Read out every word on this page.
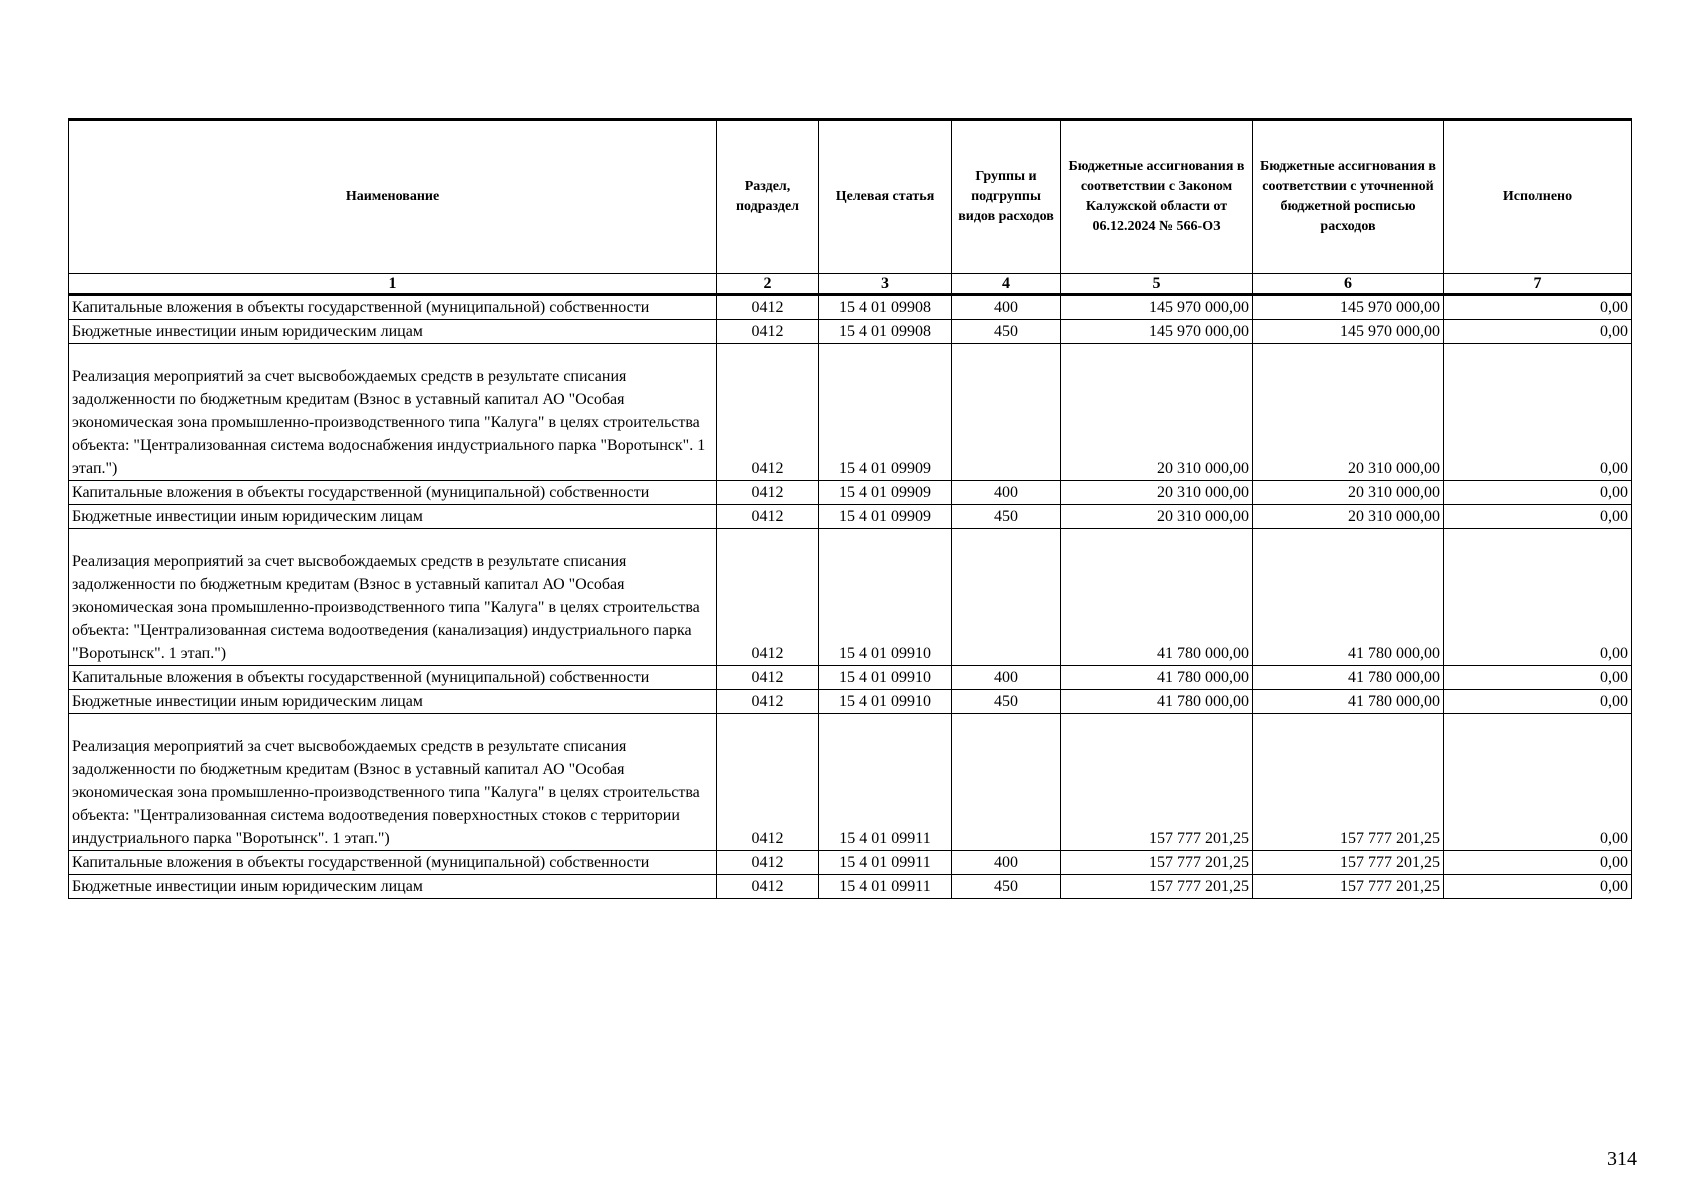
Наименование	Раздел, подраздел	Целевая статья	Группы и подгруппы видов расходов	Бюджетные ассигнования в соответствии с Законом Калужской области от 06.12.2024 № 566-ОЗ	Бюджетные ассигнования в соответствии с уточненной бюджетной росписью расходов	Исполнено
1	2	3	4	5	6	7
Капитальные вложения в объекты государственной (муниципальной) собственности	0412	15 4 01 09908	400	145 970 000,00	145 970 000,00	0,00
Бюджетные инвестиции иным юридическим лицам	0412	15 4 01 09908	450	145 970 000,00	145 970 000,00	0,00
Реализация мероприятий за счет высвобождаемых средств в результате списания задолженности по бюджетным кредитам (Взнос в уставный капитал АО "Особая экономическая зона промышленно-производственного типа "Калуга" в целях строительства объекта: "Централизованная система водоснабжения индустриального парка "Воротынск". 1 этап.")	0412	15 4 01 09909		20 310 000,00	20 310 000,00	0,00
Капитальные вложения в объекты государственной (муниципальной) собственности	0412	15 4 01 09909	400	20 310 000,00	20 310 000,00	0,00
Бюджетные инвестиции иным юридическим лицам	0412	15 4 01 09909	450	20 310 000,00	20 310 000,00	0,00
Реализация мероприятий за счет высвобождаемых средств в результате списания задолженности по бюджетным кредитам (Взнос в уставный капитал АО "Особая экономическая зона промышленно-производственного типа "Калуга" в целях строительства объекта: "Централизованная система водоотведения (канализация) индустриального парка "Воротынск". 1 этап.")	0412	15 4 01 09910		41 780 000,00	41 780 000,00	0,00
Капитальные вложения в объекты государственной (муниципальной) собственности	0412	15 4 01 09910	400	41 780 000,00	41 780 000,00	0,00
Бюджетные инвестиции иным юридическим лицам	0412	15 4 01 09910	450	41 780 000,00	41 780 000,00	0,00
Реализация мероприятий за счет высвобождаемых средств в результате списания задолженности по бюджетным кредитам (Взнос в уставный капитал АО "Особая экономическая зона промышленно-производственного типа "Калуга" в целях строительства объекта: "Централизованная система водоотведения поверхностных стоков с территории индустриального парка "Воротынск". 1 этап.")	0412	15 4 01 09911		157 777 201,25	157 777 201,25	0,00
Капитальные вложения в объекты государственной (муниципальной) собственности	0412	15 4 01 09911	400	157 777 201,25	157 777 201,25	0,00
Бюджетные инвестиции иным юридическим лицам	0412	15 4 01 09911	450	157 777 201,25	157 777 201,25	0,00
314
